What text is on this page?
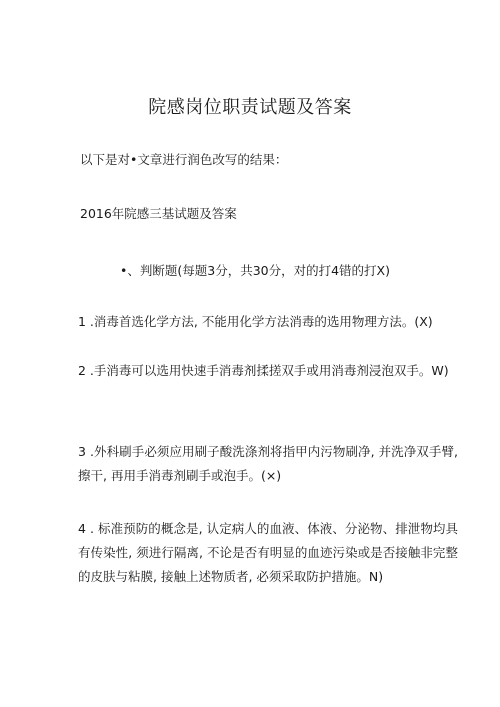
院感岗位职责试题及答案
以下是对•文章进行润色改写的结果：
2016年院感三基试题及答案
•、判断题(每题3分，共30分，对的打4错的打X)
1 .消毒首选化学方法, 不能用化学方法消毒的选用物理方法。(X)
2 .手消毒可以选用快速手消毒剂揉搓双手或用消毒剂浸泡双手。W)
3 .外科刷手必须应用刷子酸洗涤剂将指甲内污物刷净, 并洗净双手臂, 擦干, 再用手消毒剂刷手或泡手。(×)
4 . 标准预防的概念是, 认定病人的血液、体液、分泌物、排泄物均具有传染性, 须进行隔离, 不论是否有明显的血迹污染或是否接触非完整的皮肤与粘膜, 接触上述物质者, 必须采取防护措施。N)
